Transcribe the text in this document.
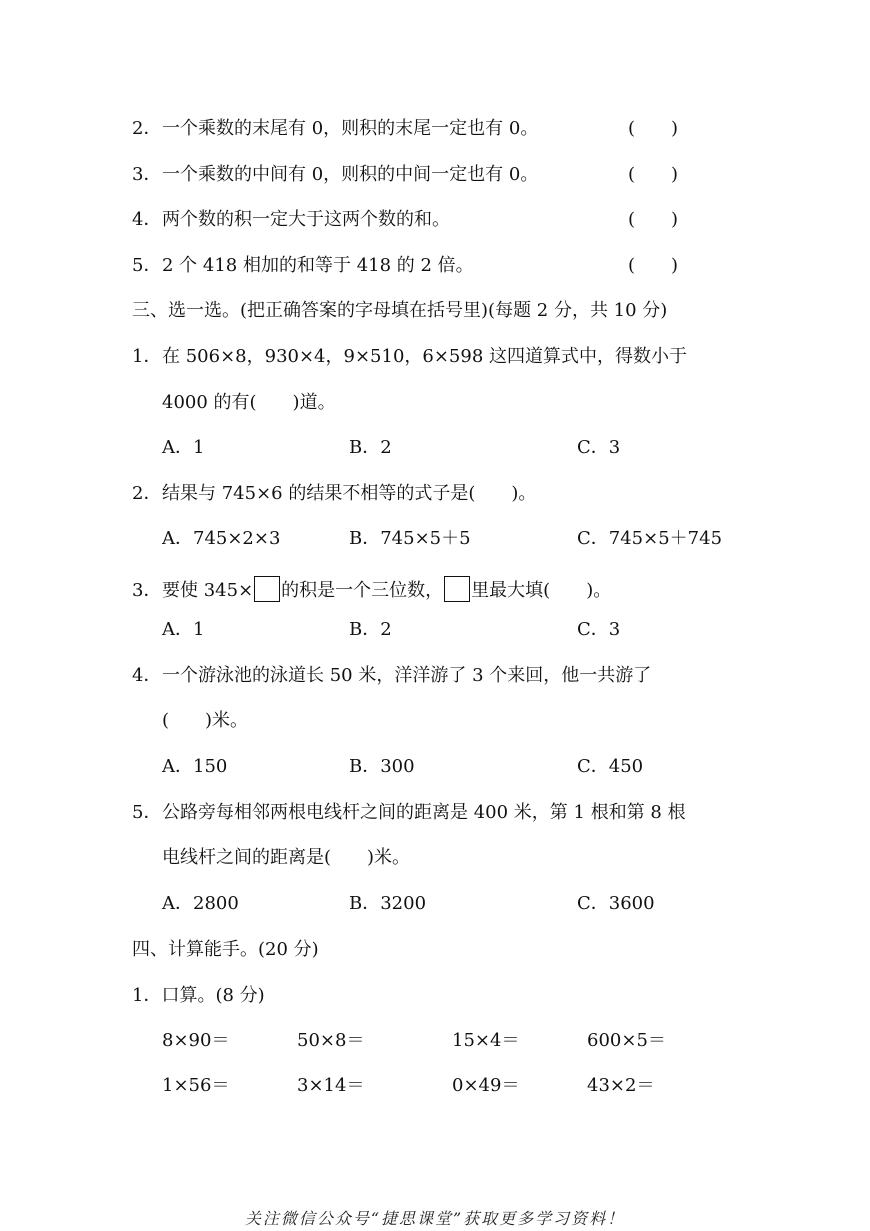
2．一个乘数的末尾有 0，则积的末尾一定也有 0。	(　　)
3．一个乘数的中间有 0，则积的中间一定也有 0。	(　　)
4．两个数的积一定大于这两个数的和。	(　　)
5．2 个 418 相加的和等于 418 的 2 倍。	(　　)
三、选一选。(把正确答案的字母填在括号里)(每题 2 分，共 10 分)
1．在 506×8，930×4，9×510，6×598 这四道算式中，得数小于
4000 的有(　　)道。
A．1	B．2	C．3
2．结果与 745×6 的结果不相等的式子是(　　)。
A．745×2×3	B．745×5＋5	C．745×5＋745
3．要使 345× 的积是一个三位数， 里最大填(　　)。
A．1	B．2	C．3
4．一个游泳池的泳道长 50 米，洋洋游了 3 个来回，他一共游了
(　　)米。
A．150	B．300	C．450
5．公路旁每相邻两根电线杆之间的距离是 400 米，第 1 根和第 8 根
电线杆之间的距离是(　　)米。
A．2800	B．3200	C．3600
四、计算能手。(20 分)
1．口算。(8 分)
8×90＝	50×8＝	15×4＝	600×5＝
1×56＝	3×14＝	0×49＝	43×2＝
关注微信公众号“捷思课堂”获取更多学习资料！
